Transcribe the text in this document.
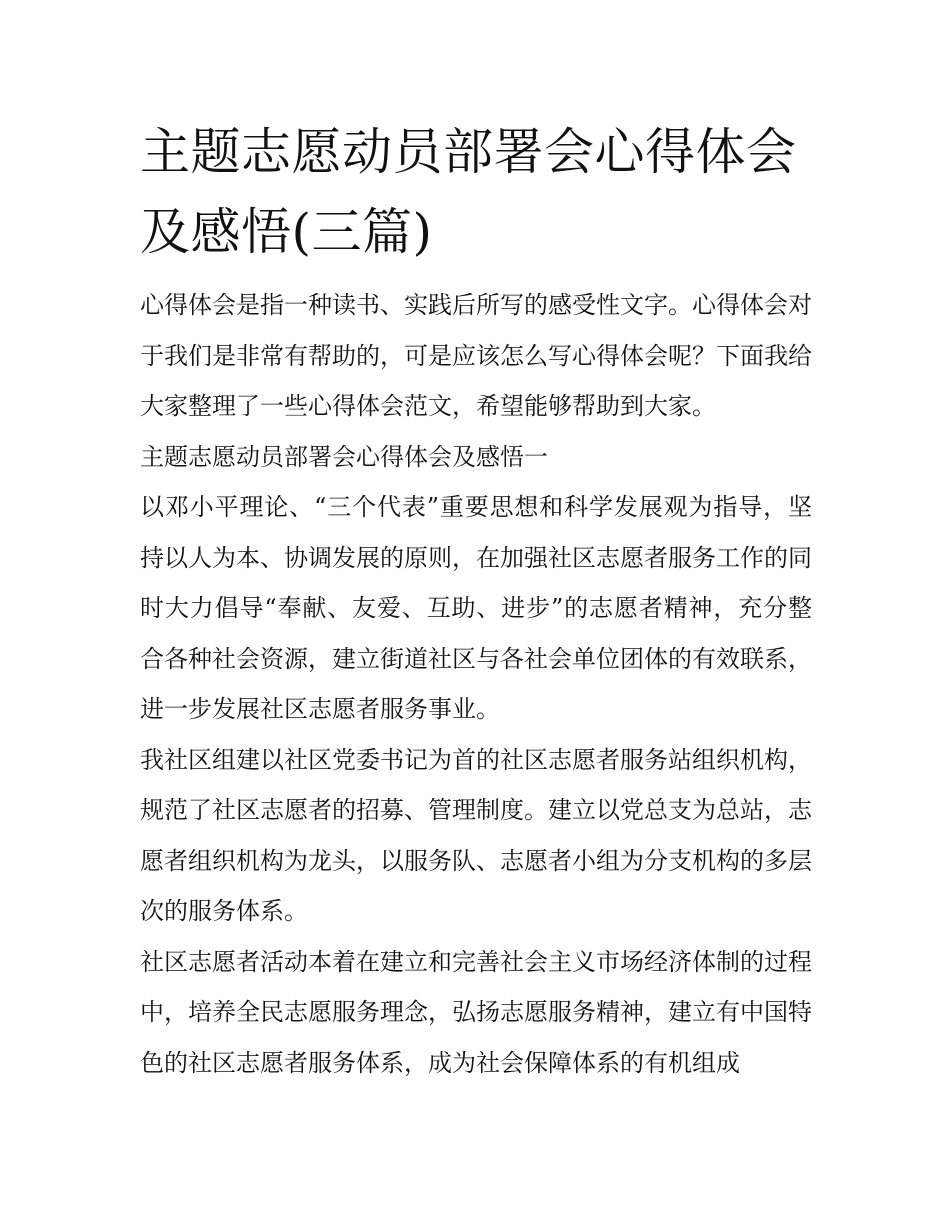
主题志愿动员部署会心得体会及感悟(三篇)

心得体会是指一种读书、实践后所写的感受性文字。心得体会对于我们是非常有帮助的，可是应该怎么写心得体会呢？下面我给大家整理了一些心得体会范文，希望能够帮助到大家。

主题志愿动员部署会心得体会及感悟一

以邓小平理论、“三个代表”重要思想和科学发展观为指导，坚持以人为本、协调发展的原则，在加强社区志愿者服务工作的同时大力倡导“奉献、友爱、互助、进步”的志愿者精神，充分整合各种社会资源，建立街道社区与各社会单位团体的有效联系，进一步发展社区志愿者服务事业。

我社区组建以社区党委书记为首的社区志愿者服务站组织机构，规范了社区志愿者的招募、管理制度。建立以党总支为总站，志愿者组织机构为龙头，以服务队、志愿者小组为分支机构的多层次的服务体系。

社区志愿者活动本着在建立和完善社会主义市场经济体制的过程中，培养全民志愿服务理念，弘扬志愿服务精神，建立有中国特色的社区志愿者服务体系，成为社会保障体系的有机组成
